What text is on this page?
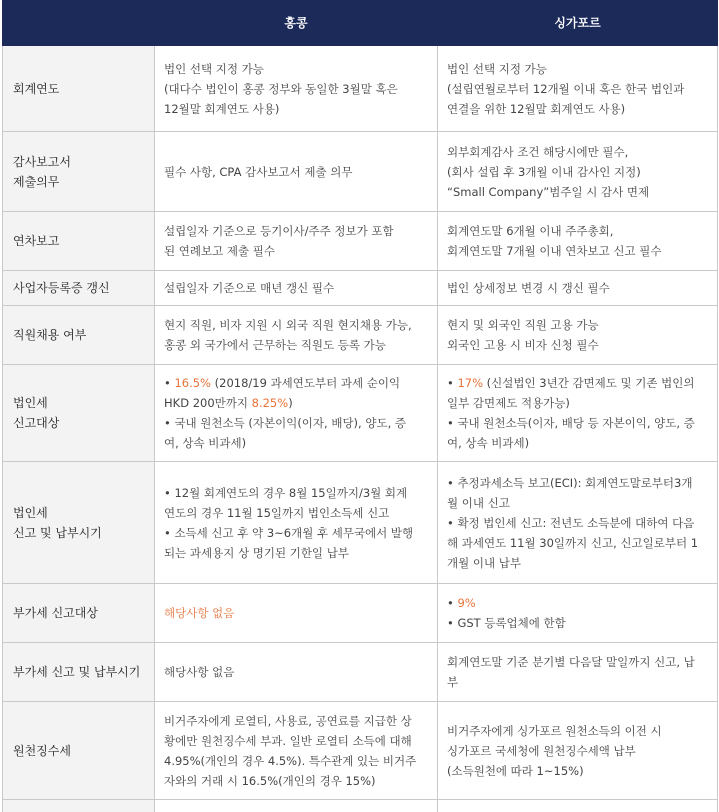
	홍콩	싱가포르

회계연도	법인 선택 지정 가능
(대다수 법인이 홍콩 정부와 동일한 3월말 혹은
12월말 회계연도 사용)	법인 선택 지정 가능
(설립연월로부터 12개월 이내 혹은 한국 법인과
연결을 위한 12월말 회계연도 사용)

감사보고서
제출의무	필수 사항, CPA 감사보고서 제출 의무	외부회계감사 조건 해당시에만 필수,
(회사 설립 후 3개월 이내 감사인 지정)
“Small Company”범주일 시 감사 면제

연차보고	설립일자 기준으로 등기이사/주주 정보가 포함
된 연례보고 제출 필수	회계연도말 6개월 이내 주주총회,
회계연도말 7개월 이내 연차보고 신고 필수

사업자등록증 갱신	설립일자 기준으로 매년 갱신 필수	법인 상세정보 변경 시 갱신 필수

직원채용 여부	현지 직원, 비자 지원 시 외국 직원 현지채용 가능,
홍콩 외 국가에서 근무하는 직원도 등록 가능	현지 및 외국인 직원 고용 가능
외국인 고용 시 비자 신청 필수

법인세
신고대상	• 16.5% (2018/19 과세연도부터 과세 순이익
HKD 200만까지 8.25%)
• 국내 원천소득 (자본이익(이자, 배당), 양도, 증
여, 상속 비과세)	• 17% (신설법인 3년간 감면제도 및 기존 법인의
일부 감면제도 적용가능)
• 국내 원천소득(이자, 배당 등 자본이익, 양도, 증
여, 상속 비과세)

법인세
신고 및 납부시기	• 12월 회계연도의 경우 8월 15일까지/3월 회계
연도의 경우 11월 15일까지 법인소득세 신고
• 소득세 신고 후 약 3~6개월 후 세무국에서 발행
되는 과세용지 상 명기된 기한일 납부	• 추정과세소득 보고(ECI): 회계연도말로부터3개
월 이내 신고
• 확정 법인세 신고: 전년도 소득분에 대하여 다음
해 과세연도 11월 30일까지 신고, 신고일로부터 1
개월 이내 납부

부가세 신고대상	해당사항 없음	• 9%
• GST 등록업체에 한함

부가세 신고 및 납부시기	해당사항 없음	회계연도말 기준 분기별 다음달 말일까지 신고, 납
부

원천징수세	비거주자에게 로열티, 사용료, 공연료를 지급한 상
황에만 원천징수세 부과. 일반 로열티 소득에 대해
4.95%(개인의 경우 4.5%). 특수관계 있는 비거주
자와의 거래 시 16.5%(개인의 경우 15%)	비거주자에게 싱가포르 원천소득의 이전 시
싱가포르 국세청에 원천징수세액 납부
(소득원천에 따라 1~15%)
